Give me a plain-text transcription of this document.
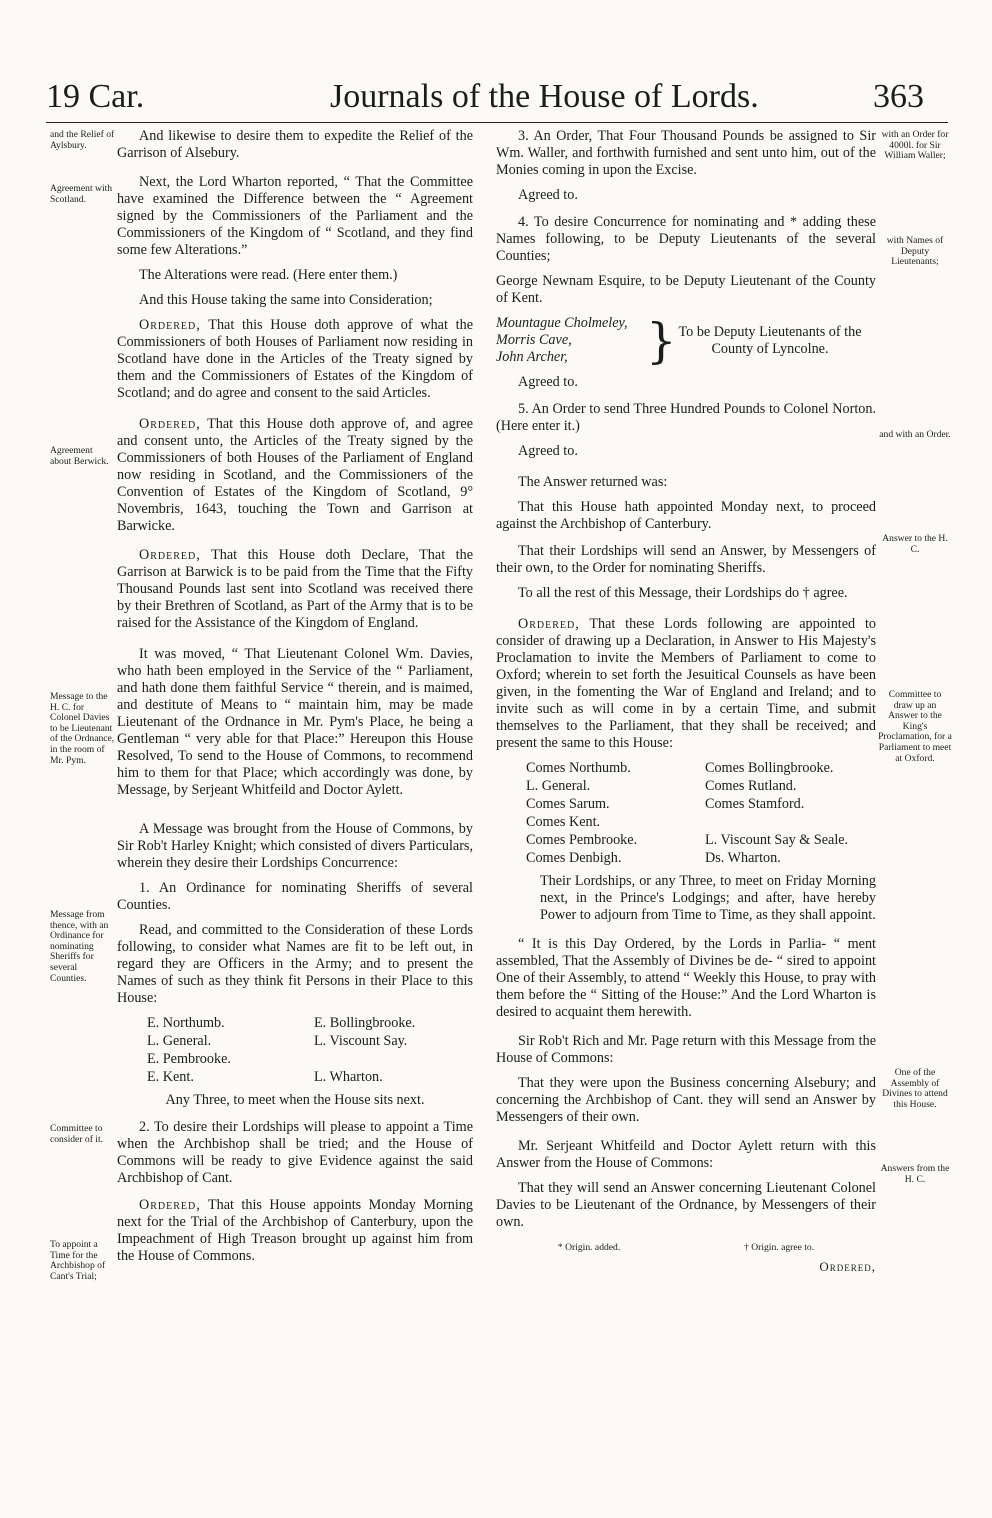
19 Car.	Journals of the House of Lords.	363
and the Relief of Aylsbury.
Agreement with Scotland.
Agreement about Berwick.
Message to the H. C. for Colonel Davies to be Lieutenant of the Ordnance, in the room of Mr. Pym.
Message from thence, with an Ordinance for nominating Sheriffs for several Counties.
Committee to consider of it.
To appoint a Time for the Archbishop of Cant's Trial;
with an Order for 4000l. for Sir William Waller;
with Names of Deputy Lieutenants;
and with an Order.
Answer to the H. C.
Committee to draw up an Answer to the King's Proclamation, for a Parliament to meet at Oxford.
One of the Assembly of Divines to attend this House.
Answers from the H. C.

And likewise to desire them to expedite the Relief of the Garrison of Alsebury.

Next, the Lord Wharton reported, “ That the Committee have examined the Difference between the “ Agreement signed by the Commissioners of the Parliament and the Commissioners of the Kingdom of “ Scotland, and they find some few Alterations.”

The Alterations were read. (Here enter them.)

And this House taking the same into Consideration;

Ordered, That this House doth approve of what the Commissioners of both Houses of Parliament now residing in Scotland have done in the Articles of the Treaty signed by them and the Commissioners of Estates of the Kingdom of Scotland; and do agree and consent to the said Articles.

Ordered, That this House doth approve of, and agree and consent unto, the Articles of the Treaty signed by the Commissioners of both Houses of the Parliament of England now residing in Scotland, and the Commissioners of the Convention of Estates of the Kingdom of Scotland, 9° Novembris, 1643, touching the Town and Garrison at Barwicke.

Ordered, That this House doth Declare, That the Garrison at Barwick is to be paid from the Time that the Fifty Thousand Pounds last sent into Scotland was received there by their Brethren of Scotland, as Part of the Army that is to be raised for the Assistance of the Kingdom of England.

It was moved, “ That Lieutenant Colonel Wm. Davies, who hath been employed in the Service of the “ Parliament, and hath done them faithful Service “ therein, and is maimed, and destitute of Means to “ maintain him, may be made Lieutenant of the Ordnance in Mr. Pym's Place, he being a Gentleman “ very able for that Place:” Hereupon this House Resolved, To send to the House of Commons, to recommend him to them for that Place; which accordingly was done, by Message, by Serjeant Whitfeild and Doctor Aylett.

A Message was brought from the House of Commons, by Sir Rob't Harley Knight; which consisted of divers Particulars, wherein they desire their Lordships Concurrence:

1. An Ordinance for nominating Sheriffs of several Counties.

Read, and committed to the Consideration of these Lords following, to consider what Names are fit to be left out, in regard they are Officers in the Army; and to present the Names of such as they think fit Persons in their Place to this House:

E. Northumb.	E. Bollingbrooke.
L. General.	L. Viscount Say.
E. Pembrooke.
E. Kent.	L. Wharton.

Any Three, to meet when the House sits next.

2. To desire their Lordships will please to appoint a Time when the Archbishop shall be tried; and the House of Commons will be ready to give Evidence against the said Archbishop of Cant.

Ordered, That this House appoints Monday Morning next for the Trial of the Archbishop of Canterbury, upon the Impeachment of High Treason brought up against him from the House of Commons.

3. An Order, That Four Thousand Pounds be assigned to Sir Wm. Waller, and forthwith furnished and sent unto him, out of the Monies coming in upon the Excise.

Agreed to.

4. To desire Concurrence for nominating and * adding these Names following, to be Deputy Lieutenants of the several Counties;

George Newnam Esquire, to be Deputy Lieutenant of the County of Kent.

Mountague Cholmeley,
Morris Cave,
John Archer,	} To be Deputy Lieutenants of the County of Lyncolne.

Agreed to.

5. An Order to send Three Hundred Pounds to Colonel Norton. (Here enter it.)

Agreed to.

The Answer returned was:

That this House hath appointed Monday next, to proceed against the Archbishop of Canterbury.

That their Lordships will send an Answer, by Messengers of their own, to the Order for nominating Sheriffs.

To all the rest of this Message, their Lordships do † agree.

Ordered, That these Lords following are appointed to consider of drawing up a Declaration, in Answer to His Majesty's Proclamation to invite the Members of Parliament to come to Oxford; wherein to set forth the Jesuitical Counsels as have been given, in the fomenting the War of England and Ireland; and to invite such as will come in by a certain Time, and submit themselves to the Parliament, that they shall be received; and present the same to this House:

Comes Northumb.	Comes Bollingbrooke.
L. General.	Comes Rutland.
Comes Sarum.	Comes Stamford.
Comes Kent.
Comes Pembrooke.	L. Viscount Say & Seale.
Comes Denbigh.	Ds. Wharton.

Their Lordships, or any Three, to meet on Friday Morning next, in the Prince's Lodgings; and after, have hereby Power to adjourn from Time to Time, as they shall appoint.

“ It is this Day Ordered, by the Lords in Parlia- “ ment assembled, That the Assembly of Divines be de- “ sired to appoint One of their Assembly, to attend “ Weekly this House, to pray with them before the “ Sitting of the House:” And the Lord Wharton is desired to acquaint them herewith.

Sir Rob't Rich and Mr. Page return with this Message from the House of Commons:

That they were upon the Business concerning Alsebury; and concerning the Archbishop of Cant. they will send an Answer by Messengers of their own.

Mr. Serjeant Whitfeild and Doctor Aylett return with this Answer from the House of Commons:

That they will send an Answer concerning Lieutenant Colonel Davies to be Lieutenant of the Ordnance, by Messengers of their own.

* Origin. added.	† Origin. agree to.
Ordered,
